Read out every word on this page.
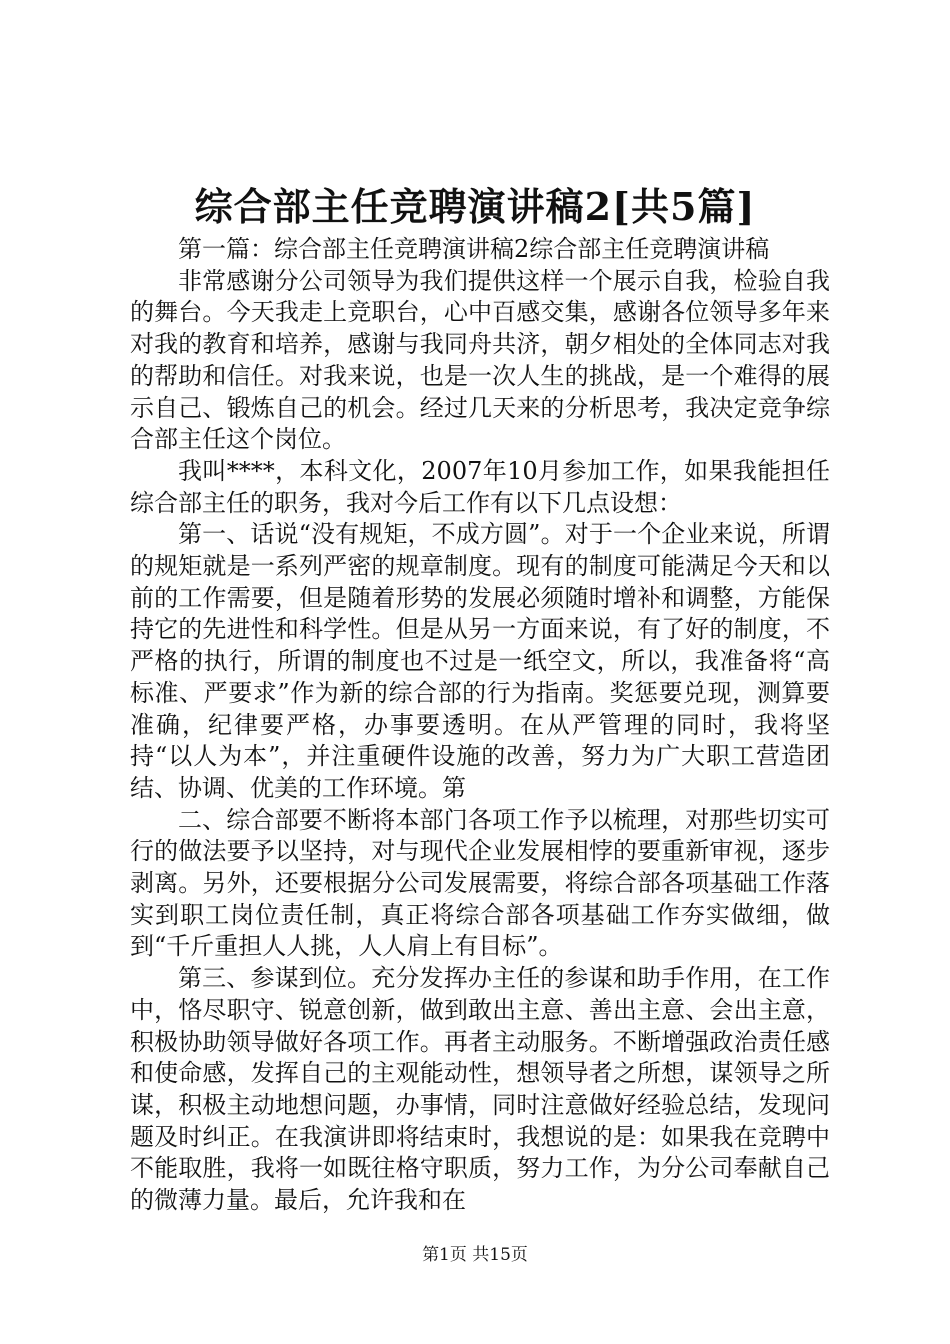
综合部主任竞聘演讲稿2[共5篇]

第一篇：综合部主任竞聘演讲稿2综合部主任竞聘演讲稿

非常感谢分公司领导为我们提供这样一个展示自我，检验自我的舞台。今天我走上竞职台，心中百感交集，感谢各位领导多年来对我的教育和培养，感谢与我同舟共济，朝夕相处的全体同志对我的帮助和信任。对我来说，也是一次人生的挑战，是一个难得的展示自己、锻炼自己的机会。经过几天来的分析思考，我决定竞争综合部主任这个岗位。

我叫****，本科文化，2007年10月参加工作，如果我能担任综合部主任的职务，我对今后工作有以下几点设想：

第一、话说“没有规矩，不成方圆”。对于一个企业来说，所谓的规矩就是一系列严密的规章制度。现有的制度可能满足今天和以前的工作需要，但是随着形势的发展必须随时增补和调整，方能保持它的先进性和科学性。但是从另一方面来说，有了好的制度，不严格的执行，所谓的制度也不过是一纸空文，所以，我准备将“高标准、严要求”作为新的综合部的行为指南。奖惩要兑现，测算要准确，纪律要严格，办事要透明。在从严管理的同时，我将坚持“以人为本”，并注重硬件设施的改善，努力为广大职工营造团结、协调、优美的工作环境。第

二、综合部要不断将本部门各项工作予以梳理，对那些切实可行的做法要予以坚持，对与现代企业发展相悖的要重新审视，逐步剥离。另外，还要根据分公司发展需要，将综合部各项基础工作落实到职工岗位责任制，真正将综合部各项基础工作夯实做细，做到“千斤重担人人挑，人人肩上有目标”。

第三、参谋到位。充分发挥办主任的参谋和助手作用，在工作中，恪尽职守、锐意创新，做到敢出主意、善出主意、会出主意，积极协助领导做好各项工作。再者主动服务。不断增强政治责任感和使命感，发挥自己的主观能动性，想领导者之所想，谋领导之所谋，积极主动地想问题，办事情，同时注意做好经验总结，发现问题及时纠正。在我演讲即将结束时，我想说的是：如果我在竞聘中不能取胜，我将一如既往格守职质，努力工作，为分公司奉献自己的微薄力量。最后，允许我和在

第1页 共15页
